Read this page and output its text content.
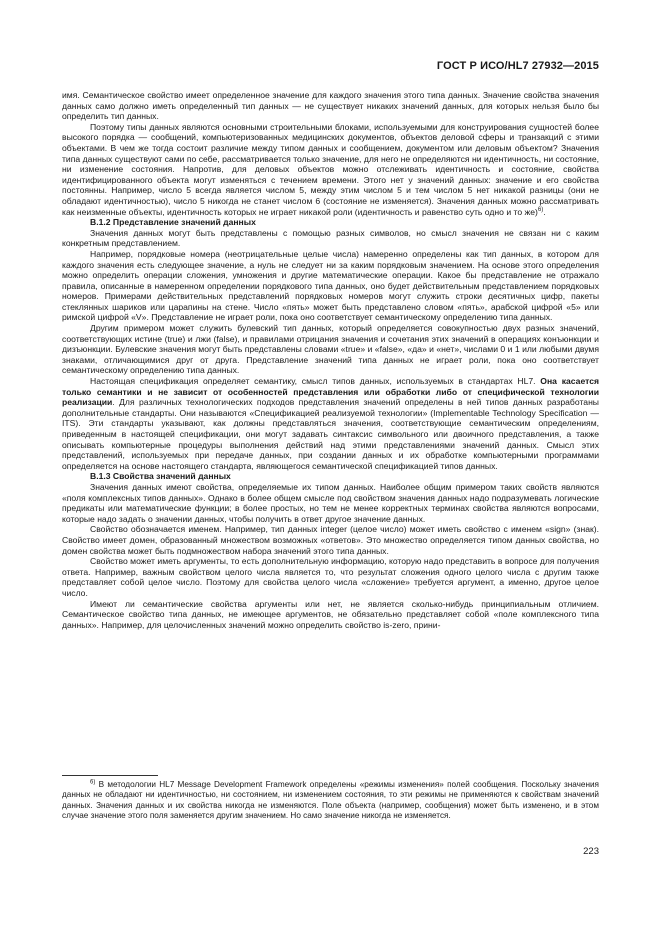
ГОСТ Р ИСО/HL7 27932—2015

имя. Семантическое свойство имеет определенное значение для каждого значения этого типа данных. Значение свойства значения данных само должно иметь определенный тип данных — не существует никаких значений данных, для которых нельзя было бы определить тип данных.

Поэтому типы данных являются основными строительными блоками, используемыми для конструирования сущностей более высокого порядка — сообщений, компьютеризованных медицинских документов, объектов деловой сферы и транзакций с этими объектами. В чем же тогда состоит различие между типом данных и сообщением, документом или деловым объектом? Значения типа данных существуют сами по себе, рассматривается только значение, для него не определяются ни идентичность, ни состояние, ни изменение состояния. Напротив, для деловых объектов можно отслеживать идентичность и состояние, свойства идентифицированного объекта могут изменяться с течением времени. Этого нет у значений данных: значение и его свойства постоянны. Например, число 5 всегда является числом 5, между этим числом 5 и тем числом 5 нет никакой разницы (они не обладают идентичностью), число 5 никогда не станет числом 6 (состояние не изменяется). Значения данных можно рассматривать как неизменные объекты, идентичность которых не играет никакой роли (идентичность и равенство суть одно и то же)$^{6)}$.

B.1.2 Представление значений данных

Значения данных могут быть представлены с помощью разных символов, но смысл значения не связан ни с каким конкретным представлением.

Например, порядковые номера (неотрицательные целые числа) намеренно определены как тип данных, в котором для каждого значения есть следующее значение, а нуль не следует ни за каким порядковым значением. На основе этого определения можно определить операции сложения, умножения и другие математические операции. Какое бы представление не отражало правила, описанные в намеренном определении порядкового типа данных, оно будет действительным представлением порядковых номеров. Примерами действительных представлений порядковых номеров могут служить строки десятичных цифр, пакеты стеклянных шариков или царапины на стене. Число «пять» может быть представлено словом «пять», арабской цифрой «5» или римской цифрой «V». Представление не играет роли, пока оно соответствует семантическому определению типа данных.

Другим примером может служить булевский тип данных, который определяется совокупностью двух разных значений, соответствующих истине (true) и лжи (false), и правилами отрицания значения и сочетания этих значений в операциях конъюнкции и дизъюнкции. Булевские значения могут быть представлены словами «true» и «false», «да» и «нет», числами 0 и 1 или любыми двумя знаками, отличающимися друг от друга. Представление значений типа данных не играет роли, пока оно соответствует семантическому определению типа данных.

Настоящая спецификация определяет семантику, смысл типов данных, используемых в стандартах HL7. Она касается только семантики и не зависит от особенностей представления или обработки либо от специфической технологии реализации. Для различных технологических подходов представления значений определены в ней типов данных разработаны дополнительные стандарты. Они называются «Спецификацией реализуемой технологии» (Implementable Technology Specification — ITS). Эти стандарты указывают, как должны представляться значения, соответствующие семантическим определениям, приведенным в настоящей спецификации, они могут задавать синтаксис символьного или двоичного представления, а также описывать компьютерные процедуры выполнения действий над этими представлениями значений данных. Смысл этих представлений, используемых при передаче данных, при создании данных и их обработке компьютерными программами определяется на основе настоящего стандарта, являющегося семантической спецификацией типов данных.

B.1.3 Свойства значений данных

Значения данных имеют свойства, определяемые их типом данных. Наиболее общим примером таких свойств являются «поля комплексных типов данных». Однако в более общем смысле под свойством значения данных надо подразумевать логические предикаты или математические функции; в более простых, но тем не менее корректных терминах свойства являются вопросами, которые надо задать о значении данных, чтобы получить в ответ другое значение данных.

Свойство обозначается именем. Например, тип данных integer (целое число) может иметь свойство с именем «sign» (знак). Свойство имеет домен, образованный множеством возможных «ответов». Это множество определяется типом данных свойства, но домен свойства может быть подмножеством набора значений этого типа данных.

Свойство может иметь аргументы, то есть дополнительную информацию, которую надо представить в вопросе для получения ответа. Например, важным свойством целого числа является то, что результат сложения одного целого числа с другим также представляет собой целое число. Поэтому для свойства целого числа «сложение» требуется аргумент, а именно, другое целое число.

Имеют ли семантические свойства аргументы или нет, не является сколько-нибудь принципиальным отличием. Семантическое свойство типа данных, не имеющее аргументов, не обязательно представляет собой «поле комплексного типа данных». Например, для целочисленных значений можно определить свойство is-zero, прини-

$^{6)}$ В методологии HL7 Message Development Framework определены «режимы изменения» полей сообщения. Поскольку значения данных не обладают ни идентичностью, ни состоянием, ни изменением состояния, то эти режимы не применяются к свойствам значений данных. Значения данных и их свойства никогда не изменяются. Поле объекта (например, сообщения) может быть изменено, и в этом случае значение этого поля заменяется другим значением. Но само значение никогда не изменяется.

223
